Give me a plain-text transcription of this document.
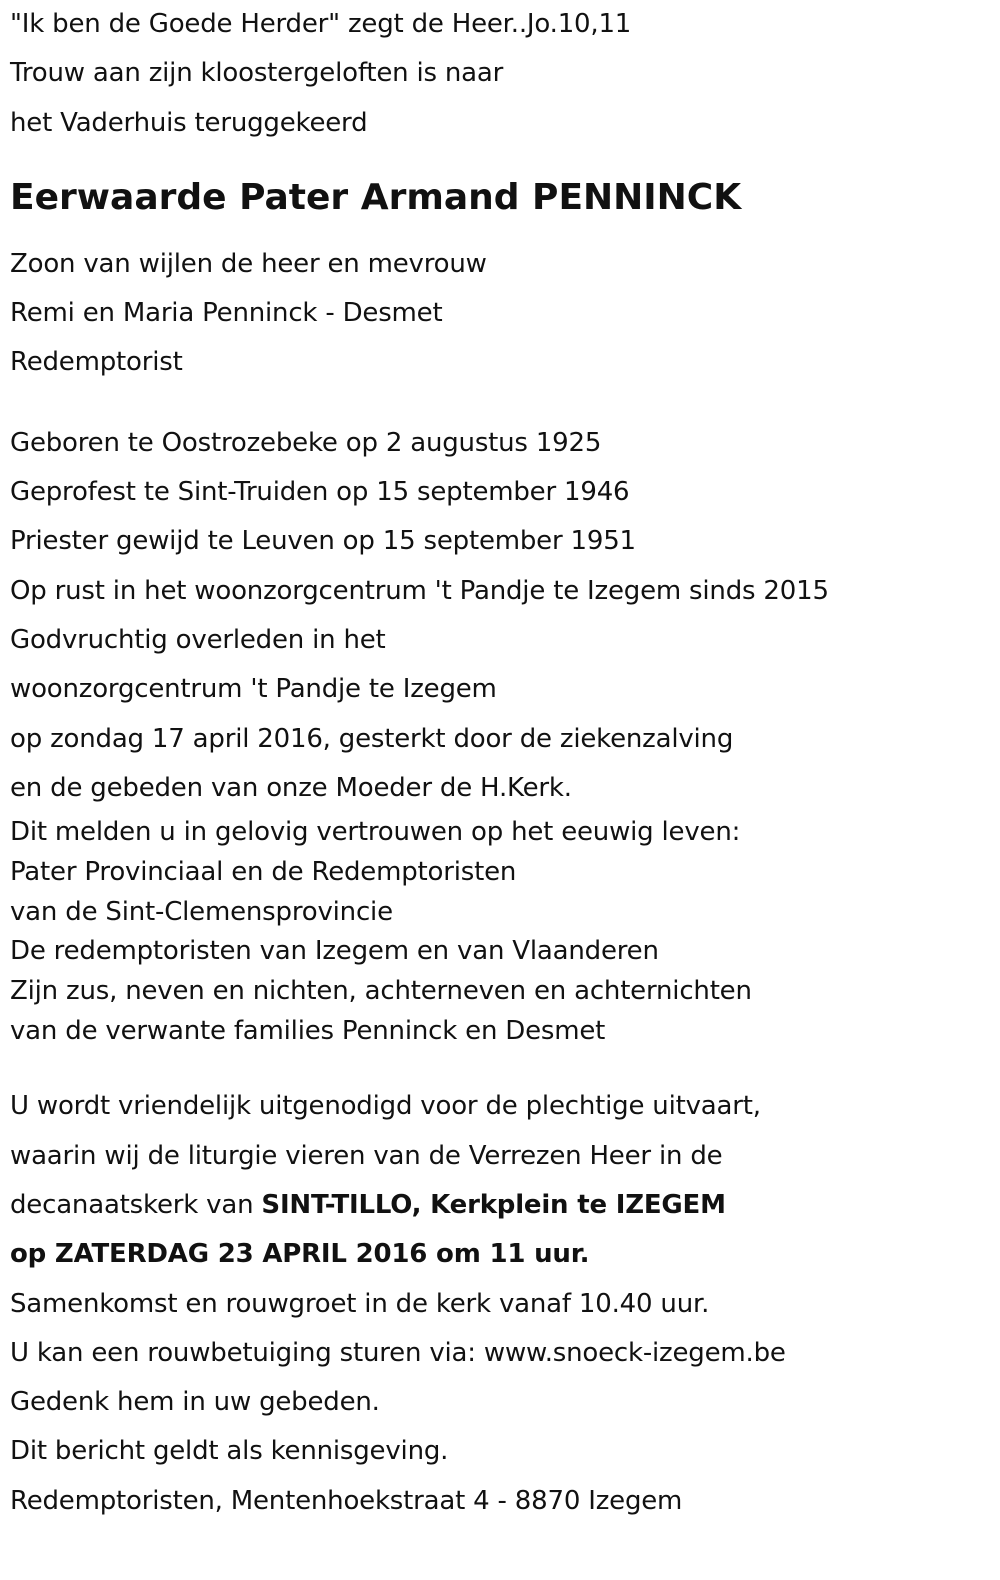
"Ik ben de Goede Herder" zegt de Heer..Jo.10,11
Trouw aan zijn kloostergeloften is naar
het Vaderhuis teruggekeerd
Eerwaarde Pater Armand PENNINCK
Zoon van wijlen de heer en mevrouw
Remi en Maria Penninck - Desmet
Redemptorist
Geboren te Oostrozebeke op 2 augustus 1925
Geprofest te Sint-Truiden op 15 september 1946
Priester gewijd te Leuven op 15 september 1951
Op rust in het woonzorgcentrum 't Pandje te Izegem sinds 2015
Godvruchtig overleden in het
woonzorgcentrum 't Pandje te Izegem
op zondag 17 april 2016, gesterkt door de ziekenzalving
en de gebeden van onze Moeder de H.Kerk.
Dit melden u in gelovig vertrouwen op het eeuwig leven:
Pater Provinciaal en de Redemptoristen
van de Sint-Clemensprovincie
De redemptoristen van Izegem en van Vlaanderen
Zijn zus, neven en nichten, achterneven en achternichten
van de verwante families Penninck en Desmet
U wordt vriendelijk uitgenodigd voor de plechtige uitvaart,
waarin wij de liturgie vieren van de Verrezen Heer in de
decanaatskerk van SINT-TILLO, Kerkplein te IZEGEM
op ZATERDAG 23 APRIL 2016 om 11 uur.
Samenkomst en rouwgroet in de kerk vanaf 10.40 uur.
U kan een rouwbetuiging sturen via: www.snoeck-izegem.be
Gedenk hem in uw gebeden.
Dit bericht geldt als kennisgeving.
Redemptoristen, Mentenhoekstraat 4 - 8870 Izegem
